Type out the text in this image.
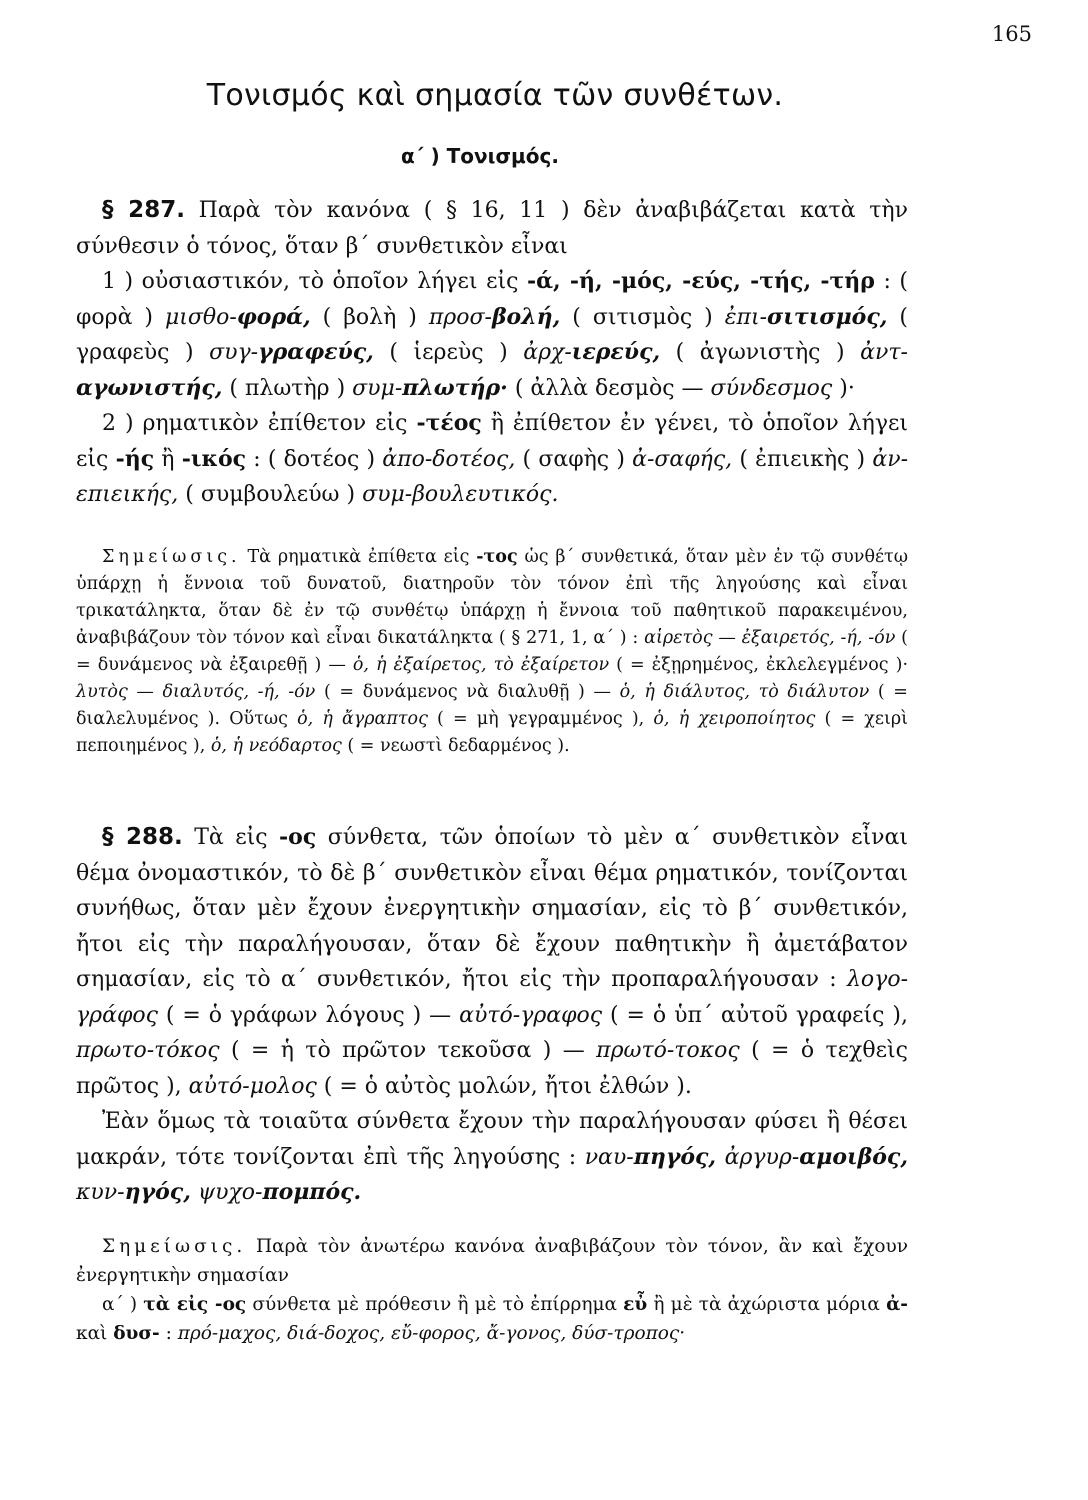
165
Τονισμός καὶ σημασία τῶν συνθέτων.
α΄ ) Τονισμός.

§ 287. Παρὰ τὸν κανόνα ( § 16, 11 ) δὲν ἀναβιβάζεται κατὰ τὴν σύνθεσιν ὁ τόνος, ὅταν β΄ συνθετικὸν εἶναι

1 ) οὐσιαστικόν, τὸ ὁποῖον λήγει εἰς -ά, -ή, -μός, -εύς, -τής, -τήρ : ( φορὰ ) μισθο-φορά, ( βολὴ ) προσ-βολή, ( σιτισμὸς ) ἐπι-σιτισμός, ( γραφεὺς ) συγ-γραφεύς, ( ἱερεὺς ) ἀρχ-ιερεύς, ( ἀγωνιστὴς ) ἀντ-αγωνιστής, ( πλωτὴρ ) συμ-πλωτήρ· ( ἀλλὰ δεσμὸς — σύνδεσμος )·

2 ) ρηματικὸν ἐπίθετον εἰς -τέος ἢ ἐπίθετον ἐν γένει, τὸ ὁποῖον λήγει εἰς -ής ἢ -ικός : ( δοτέος ) ἀπο-δοτέος, ( σαφὴς ) ἀ-σαφής, ( ἐπιεικὴς ) ἀν-επιεικής, ( συμβουλεύω ) συμ-βουλευτικός.

Σημείωσις. Τὰ ρηματικὰ ἐπίθετα εἰς -τος ὡς β΄ συνθετικά, ὅταν μὲν ἐν τῷ συνθέτῳ ὑπάρχῃ ἡ ἔννοια τοῦ δυνατοῦ, διατηροῦν τὸν τόνον ἐπὶ τῆς ληγούσης καὶ εἶναι τρικατάληκτα, ὅταν δὲ ἐν τῷ συνθέτῳ ὑπάρχῃ ἡ ἔννοια τοῦ παθητικοῦ παρακειμένου, ἀναβιβάζουν τὸν τόνον καὶ εἶναι δικατάληκτα ( § 271, 1, α΄ ) : αἱρετὸς — ἐξαιρετός, -ή, -όν ( = δυνάμενος νὰ ἐξαιρεθῇ ) — ὁ, ἡ ἐξαίρετος, τὸ ἐξαίρετον ( = ἐξῃρημένος, ἐκλελεγμένος )· λυτὸς — διαλυτός, -ή, -όν ( = δυνάμενος νὰ διαλυθῇ ) — ὁ, ἡ διάλυτος, τὸ διάλυτον ( = διαλελυμένος ). Οὕτως ὁ, ἡ ἄγραπτος ( = μὴ γεγραμμένος ), ὁ, ἡ χειροποίητος ( = χειρὶ πεποιημένος ), ὁ, ἡ νεόδαρτος ( = νεωστὶ δεδαρμένος ).

§ 288. Τὰ εἰς -ος σύνθετα, τῶν ὁποίων τὸ μὲν α΄ συνθετικὸν εἶναι θέμα ὀνομαστικόν, τὸ δὲ β΄ συνθετικὸν εἶναι θέμα ρηματικόν, τονίζονται συνήθως, ὅταν μὲν ἔχουν ἐνεργητικὴν σημασίαν, εἰς τὸ β΄ συνθετικόν, ἤτοι εἰς τὴν παραλήγουσαν, ὅταν δὲ ἔχουν παθητικὴν ἢ ἀμετάβατον σημασίαν, εἰς τὸ α΄ συνθετικόν, ἤτοι εἰς τὴν προπαραλήγουσαν : λογο-γράφος ( = ὁ γράφων λόγους ) — αὐτό-γραφος ( = ὁ ὑπ΄ αὐτοῦ γραφείς ), πρωτο-τόκος ( = ἡ τὸ πρῶτον τεκοῦσα ) — πρωτό-τοκος ( = ὁ τεχθεὶς πρῶτος ), αὐτό-μολος ( = ὁ αὐτὸς μολών, ἤτοι ἐλθών ).

Ἐὰν ὅμως τὰ τοιαῦτα σύνθετα ἔχουν τὴν παραλήγουσαν φύσει ἢ θέσει μακράν, τότε τονίζονται ἐπὶ τῆς ληγούσης : ναυ-πηγός, ἀργυρ-αμοιβός, κυν-ηγός, ψυχο-πομπός.

Σημείωσις. Παρὰ τὸν ἀνωτέρω κανόνα ἀναβιβάζουν τὸν τόνον, ἂν καὶ ἔχουν ἐνεργητικὴν σημασίαν

α΄ ) τὰ εἰς -ος σύνθετα μὲ πρόθεσιν ἢ μὲ τὸ ἐπίρρημα εὖ ἢ μὲ τὰ ἀχώριστα μόρια ἀ- καὶ δυσ- : πρό-μαχος, διά-δοχος, εὔ-φορος, ἄ-γονος, δύσ-τροπος·
